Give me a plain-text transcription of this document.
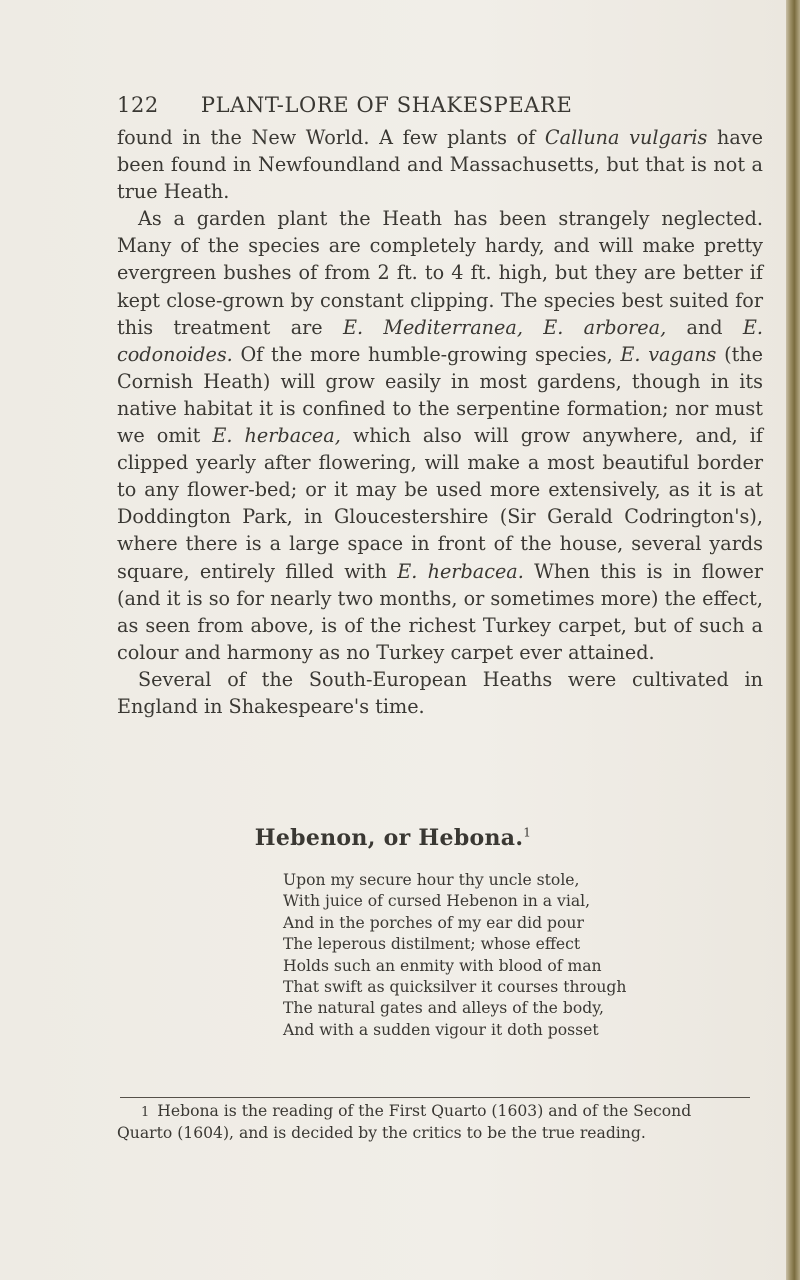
122 PLANT-LORE OF SHAKESPEARE

found in the New World. A few plants of Calluna vulgaris have been found in Newfoundland and Massachusetts, but that is not a true Heath.

As a garden plant the Heath has been strangely neglected. Many of the species are completely hardy, and will make pretty evergreen bushes of from 2 ft. to 4 ft. high, but they are better if kept close-grown by constant clipping. The species best suited for this treatment are E. Mediterranea, E. arborea, and E. codonoides. Of the more humble-growing species, E. vagans (the Cornish Heath) will grow easily in most gardens, though in its native habitat it is confined to the serpentine formation; nor must we omit E. herbacea, which also will grow anywhere, and, if clipped yearly after flowering, will make a most beautiful border to any flower-bed; or it may be used more extensively, as it is at Doddington Park, in Gloucestershire (Sir Gerald Codrington's), where there is a large space in front of the house, several yards square, entirely filled with E. herbacea. When this is in flower (and it is so for nearly two months, or sometimes more) the effect, as seen from above, is of the richest Turkey carpet, but of such a colour and harmony as no Turkey carpet ever attained.

Several of the South-European Heaths were cultivated in England in Shakespeare's time.

Hebenon, or Hebona.$^1$
Upon my secure hour thy uncle stole,
With juice of cursed Hebenon in a vial,
And in the porches of my ear did pour
The leperous distilment; whose effect
Holds such an enmity with blood of man
That swift as quicksilver it courses through
The natural gates and alleys of the body,
And with a sudden vigour it doth posset
1 Hebona is the reading of the First Quarto (1603) and of the Second
Quarto (1604), and is decided by the critics to be the true reading.
